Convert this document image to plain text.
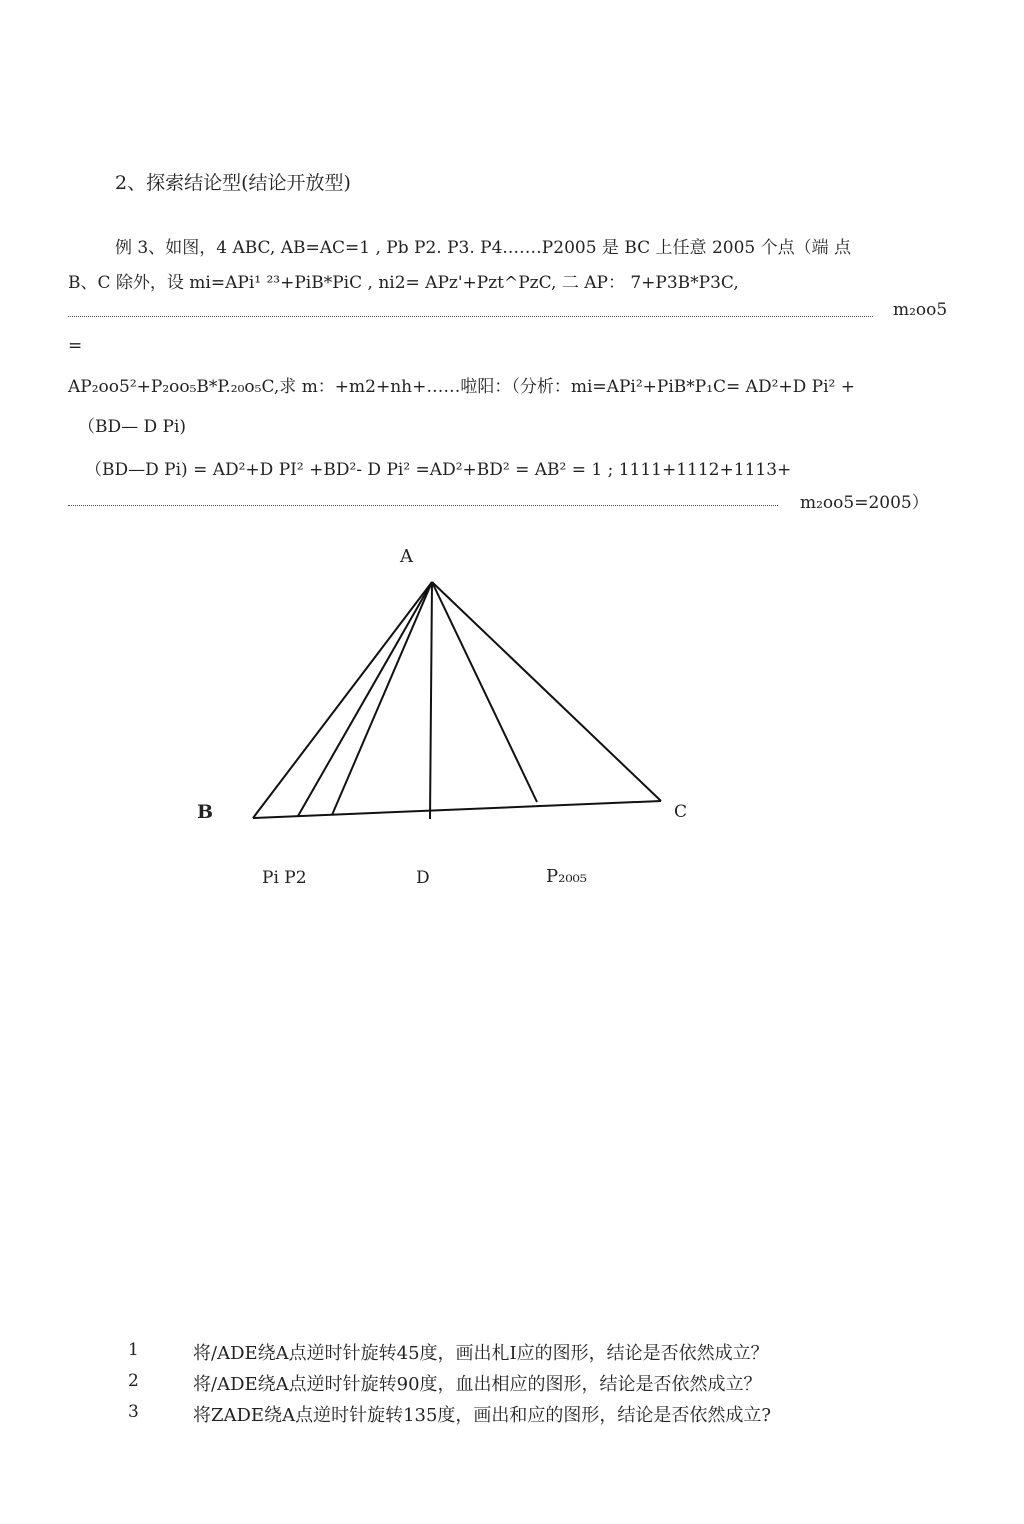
2、探索结论型(结论开放型)
例 3、如图，4 ABC, AB=AC=1 , Pb P2. P3. P4.……P2005 是 BC 上任意 2005 个点（端 点
B、C 除外，设 mi=APi¹ ²³+PiB*PiC , ni2= APz'+Pzt^PzC, 二 AP： 7+P3B*P3C,
m₂oo5
=
AP₂oo5²+P₂oo₅B*P.₂₀o₅C,求 m：+m2+nh+……啦阳：（分析：mi=APi²+PiB*P₁C= AD²+D Pi² +
（BD— D Pi)
（BD—D Pi) = AD²+D PI² +BD²- D Pi² =AD²+BD² = AB² = 1 ; 1111+1112+1113+
m₂oo5=2005）
A
B	C
Pi P2	D	P₂₀₀₅
1	将/ADE绕A点逆时针旋转45度，画出札I应的图形，结论是否依然成立？
2	将/ADE绕A点逆时针旋转90度，血出相应的图形，结论是否依然成立？
3	将ZADE绕A点逆时针旋转135度，画出和应的图形，结论是否依然成立?
